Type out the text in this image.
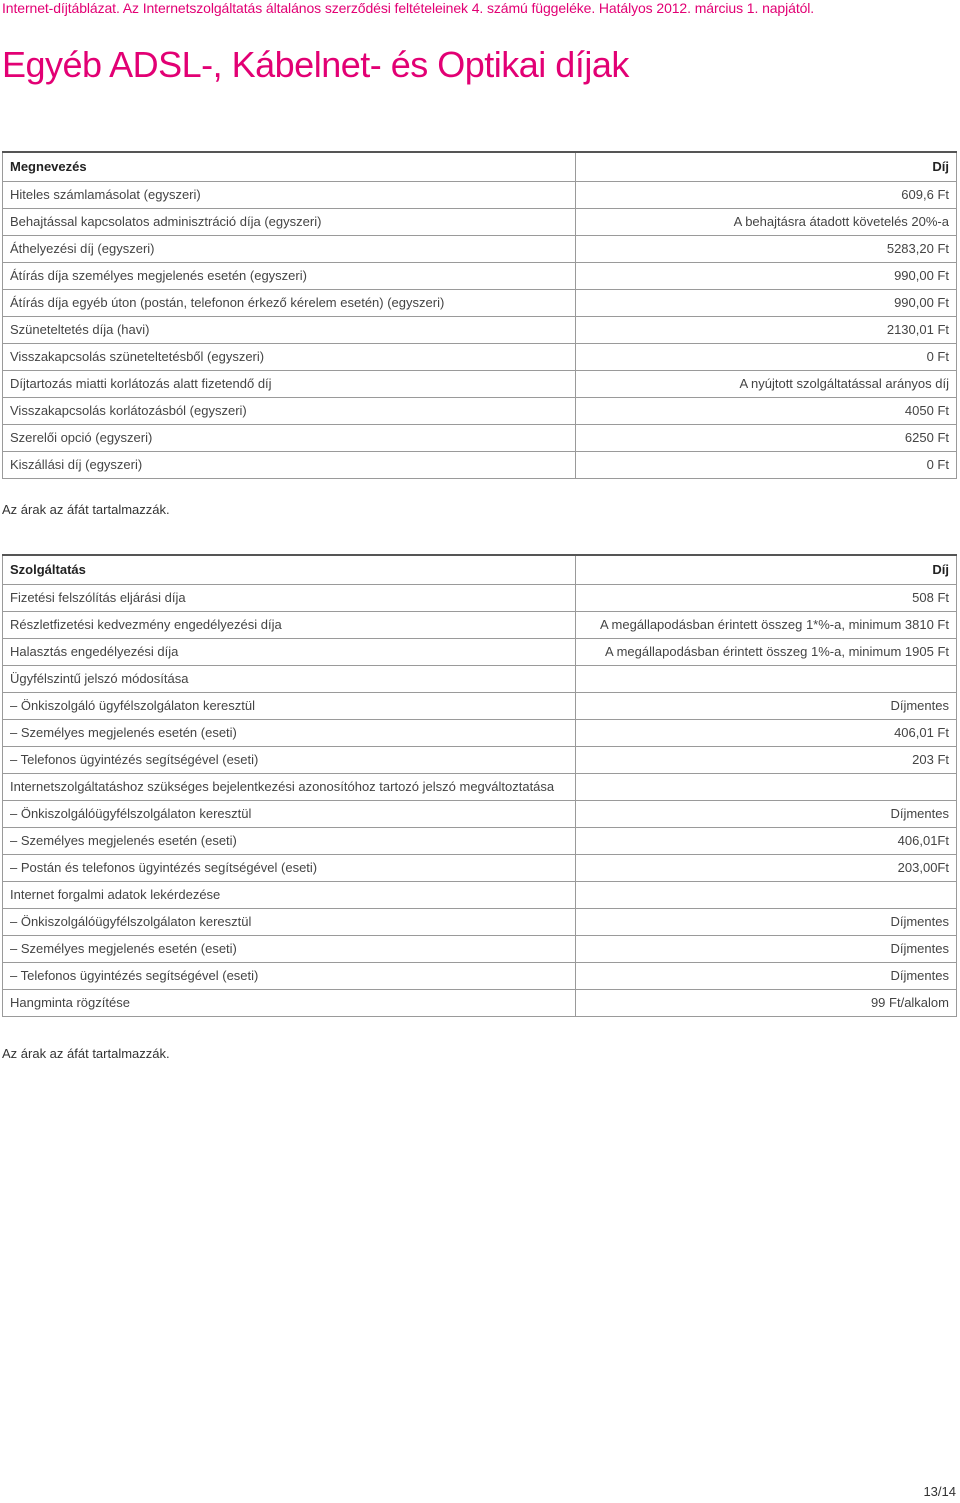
Internet-díjtáblázat. Az Internetszolgáltatás általános szerződési feltételeinek 4. számú függeléke. Hatályos 2012. március 1. napjától.
Egyéb ADSL-, Kábelnet- és Optikai díjak
Megnevezés	Díj
Hiteles számlamásolat (egyszeri)	609,6 Ft
Behajtással kapcsolatos adminisztráció díja (egyszeri)	A behajtásra átadott követelés 20%-a
Áthelyezési díj (egyszeri)	5283,20 Ft
Átírás díja személyes megjelenés esetén (egyszeri)	990,00 Ft
Átírás díja egyéb úton (postán, telefonon érkező kérelem esetén) (egyszeri)	990,00 Ft
Szüneteltetés díja (havi)	2130,01 Ft
Visszakapcsolás szüneteltetésből (egyszeri)	0 Ft
Díjtartozás miatti korlátozás alatt fizetendő díj	A nyújtott szolgáltatással arányos díj
Visszakapcsolás korlátozásból (egyszeri)	4050 Ft
Szerelői opció (egyszeri)	6250 Ft
Kiszállási díj (egyszeri)	0 Ft
Az árak az áfát tartalmazzák.
Szolgáltatás	Díj
Fizetési felszólítás eljárási díja	508 Ft
Részletfizetési kedvezmény engedélyezési díja	A megállapodásban érintett összeg 1*%-a, minimum 3810 Ft
Halasztás engedélyezési díja	A megállapodásban érintett összeg 1%-a, minimum 1905 Ft
Ügyfélszintű jelszó módosítása	
– Önkiszolgáló ügyfélszolgálaton keresztül	Díjmentes
– Személyes megjelenés esetén (eseti)	406,01 Ft
– Telefonos ügyintézés segítségével (eseti)	203 Ft
Internetszolgáltatáshoz szükséges bejelentkezési azonosítóhoz tartozó jelszó megváltoztatása	
– Önkiszolgálóügyfélszolgálaton keresztül	Díjmentes
– Személyes megjelenés esetén (eseti)	406,01Ft
– Postán és telefonos ügyintézés segítségével (eseti)	203,00Ft
Internet forgalmi adatok lekérdezése	
– Önkiszolgálóügyfélszolgálaton keresztül	Díjmentes
– Személyes megjelenés esetén (eseti)	Díjmentes
– Telefonos ügyintézés segítségével (eseti)	Díjmentes
Hangminta rögzítése	99 Ft/alkalom
Az árak az áfát tartalmazzák.
13/14
